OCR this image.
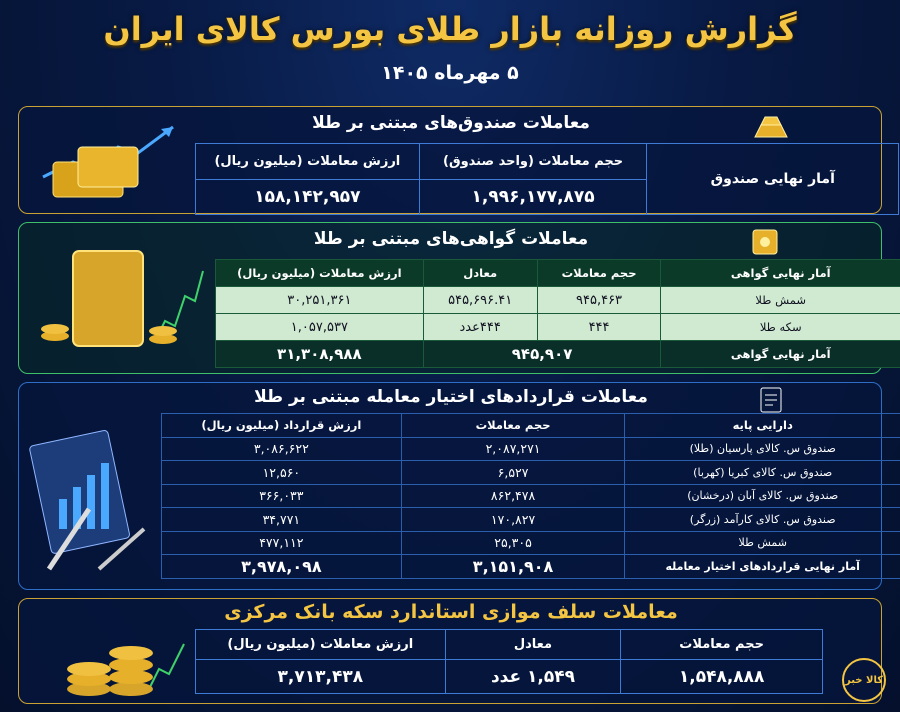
گزارش روزانه بازار طلای بورس کالای ایران
۵ مهرماه ۱۴۰۵
معاملات صندوق‌های مبتنی بر طلا
آمار نهایی صندوق	حجم معاملات (واحد صندوق)	ارزش معاملات (میلیون ریال)
	۱,۹۹۶,۱۷۷,۸۷۵	۱۵۸,۱۴۲,۹۵۷
معاملات گواهی‌های مبتنی بر طلا
آمار نهایی گواهی	حجم معاملات	معادل	ارزش معاملات (میلیون ریال)
شمش طلا	۹۴۵,۴۶۳	۵۴۵,۶۹۶.۴۱	۳۰,۲۵۱,۳۶۱
سکه طلا	۴۴۴	۴۴۴عدد	۱,۰۵۷,۵۳۷
آمار نهایی گواهی	۹۴۵,۹۰۷		۳۱,۳۰۸,۹۸۸
معاملات قراردادهای اختیار معامله مبتنی بر طلا
دارایی پایه	حجم معاملات	ارزش قرارداد (میلیون ریال)
صندوق س. کالای پارسیان (طلا)	۲,۰۸۷,۲۷۱	۳,۰۸۶,۶۲۲
صندوق س. کالای کبریا (کهربا)	۶,۵۲۷	۱۲,۵۶۰
صندوق س. کالای آبان (درخشان)	۸۶۲,۴۷۸	۳۶۶,۰۳۳
صندوق س. کالای کارآمد (زرگر)	۱۷۰,۸۲۷	۳۴,۷۷۱
شمش طلا	۲۵,۳۰۵	۴۷۷,۱۱۲
آمار نهایی قراردادهای اختیار معامله	۳,۱۵۱,۹۰۸	۳,۹۷۸,۰۹۸
معاملات سلف موازی استاندارد سکه بانک مرکزی
حجم معاملات	معادل	ارزش معاملات (میلیون ریال)
۱,۵۴۸,۸۸۸	۱,۵۴۹ عدد	۳,۷۱۳,۴۳۸	کالا خبر
